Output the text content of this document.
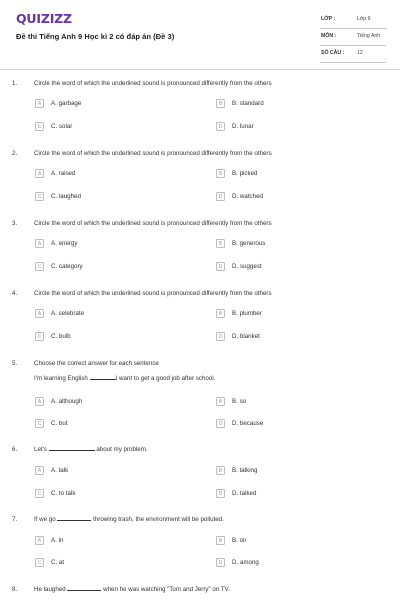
QUIZIZZ
Đề thi Tiếng Anh 9 Học kì 2 có đáp án (Đề 3)
LỚP :	Lớp 9
MÔN :	Tiếng Anh
SỐ CÂU : 12
1.	Circle the word of which the underlined sound is pronounced differently from the others
A	A. garbage	B	B. standard
C	C. solar	D	D. lunar
2.	Circle the word of which the underlined sound is pronounced differently from the others
A	A. raised	B	B. picked
C	C. laughed	D	D. watched
3.	Circle the word of which the underlined sound is pronounced differently from the others
A	A. energy	B	B. generous
C	C. category	D	D. suggest
4.	Circle the word of which the underlined sound is pronounced differently from the others
A	A. celebrate	B	B. plumber
C	C. bulb	D	D. blanket
5.	Choose the correct answer for each sentence
I'm learning English	I want to get a good job after school.
A	A. although	B	B. so
C	C. but	D	D. because
6.	Let's	about my problem.
A	A. talk	B	B. talking
C	C. to talk	D	D. talked
7.	If we go	throwing trash, the environment will be polluted.
A	A. in	B	B. on
C	C. at	D	D. among
8.	He laughed	when he was watching "Tom and Jerry" on TV.
